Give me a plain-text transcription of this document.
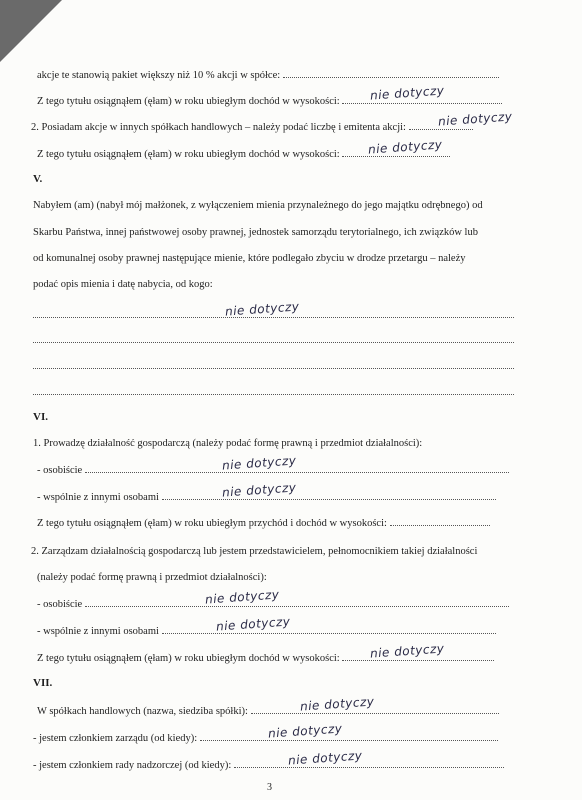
akcje te stanowią pakiet większy niż 10 % akcji w spółce:
Z tego tytułu osiągnąłem (ęłam) w roku ubiegłym dochód w wysokości:	nie dotyczy
2. Posiadam akcje w innych spółkach handlowych – należy podać liczbę i emitenta akcji:	nie dotyczy
Z tego tytułu osiągnąłem (ęłam) w roku ubiegłym dochód w wysokości:	nie dotyczy
V.
Nabyłem (am) (nabył mój małżonek, z wyłączeniem mienia przynależnego do jego majątku odrębnego) od
Skarbu Państwa, innej państwowej osoby prawnej, jednostek samorządu terytorialnego, ich związków lub
od komunalnej osoby prawnej następujące mienie, które podlegało zbyciu w drodze przetargu – należy
podać opis mienia i datę nabycia, od kogo:
nie dotyczy
VI.
1. Prowadzę działalność gospodarczą (należy podać formę prawną i przedmiot działalności):
- osobiście	nie dotyczy
- wspólnie z innymi osobami	nie dotyczy
Z tego tytułu osiągnąłem (ęłam) w roku ubiegłym przychód i dochód w wysokości:
2. Zarządzam działalnością gospodarczą lub jestem przedstawicielem, pełnomocnikiem takiej działalności
(należy podać formę prawną i przedmiot działalności):
- osobiście	nie dotyczy
- wspólnie z innymi osobami	nie dotyczy
Z tego tytułu osiągnąłem (ęłam) w roku ubiegłym dochód w wysokości:	nie dotyczy
VII.
W spółkach handlowych (nazwa, siedziba spółki):	nie dotyczy
- jestem członkiem zarządu (od kiedy):	nie dotyczy
- jestem członkiem rady nadzorczej (od kiedy):	nie dotyczy
3
